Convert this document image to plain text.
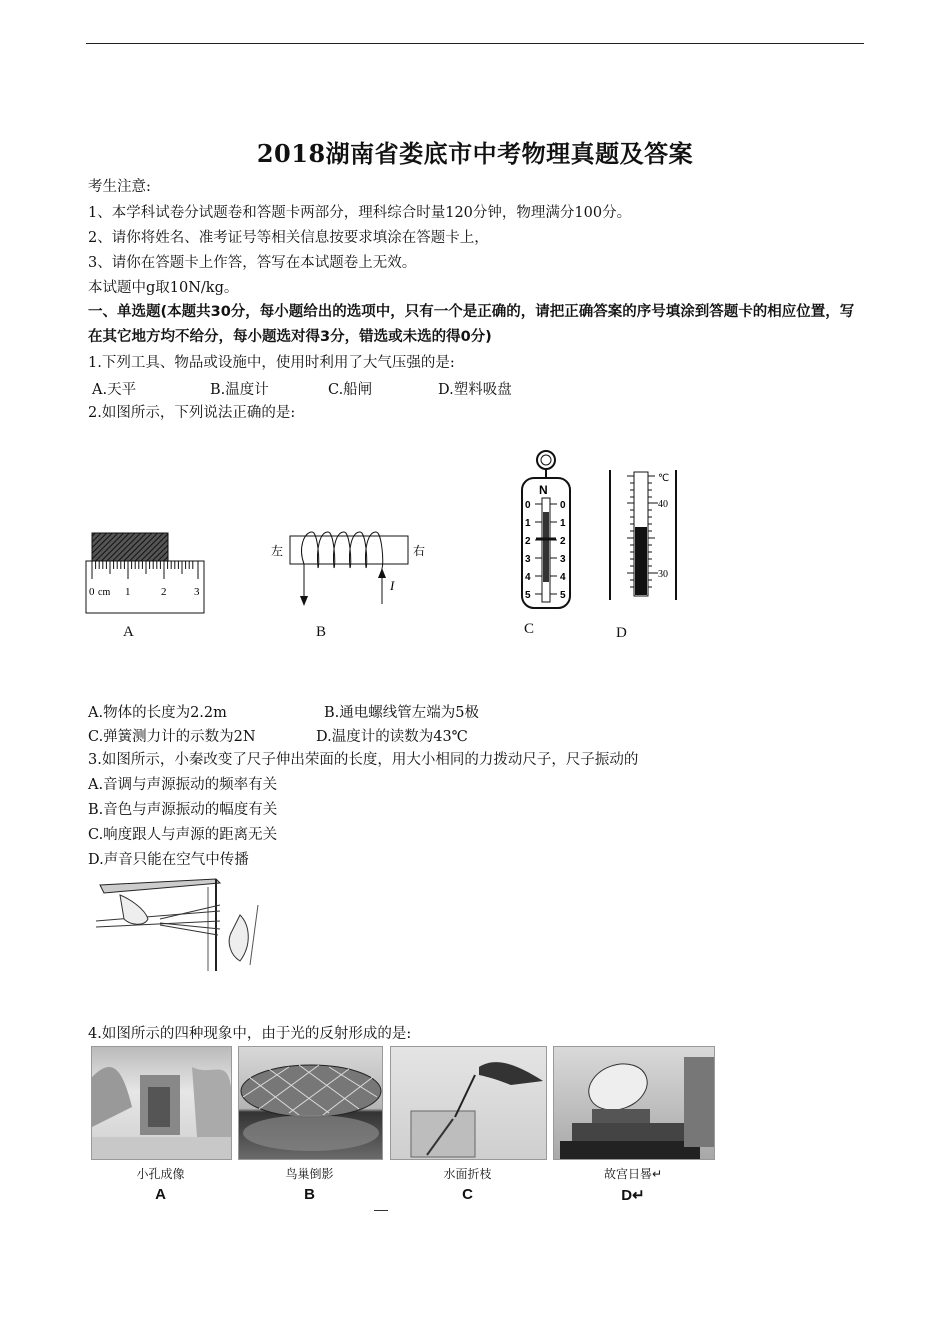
2018湖南省娄底市中考物理真题及答案
考生注意:
1、本学科试卷分试题卷和答题卡两部分，理科综合时量120分钟，物理满分100分。
2、请你将姓名、准考证号等相关信息按要求填涂在答题卡上，
3、请你在答题卡上作答，答写在本试题卷上无效。
本试题中g取10N/kg。
一、单选题(本题共30分，每小题给出的选项中，只有一个是正确的，请把正确答案的序号填涂到答题卡的相应位置，写在其它地方均不给分，每小题选对得3分，错选或未选的得0分)
1.下列工具、物品或设施中，使用时利用了大气压强的是:
A.天平	B.温度计	C.船闸	D.塑料吸盘
2.如图所示，下列说法正确的是:
0 cm 1	2	3
A
左	右
I
B
N
0
1
2
3
4
5
0
1
2
3
4
5
C
℃
40
30
D
A.物体的长度为2.2m	B.通电螺线管左端为5极
C.弹簧测力计的示数为2N	D.温度计的读数为43℃
3.如图所示，小秦改变了尺子伸出荣面的长度，用大小相同的力拨动尺子，尺子振动的
A.音调与声源振动的频率有关
B.音色与声源振动的幅度有关
C.响度跟人与声源的距离无关
D.声音只能在空气中传播
4.如图所示的四种现象中，由于光的反射形成的是:
小孔成像	鸟巢倒影	水面折枝	故宫日晷↵
A	B	C	D↵
